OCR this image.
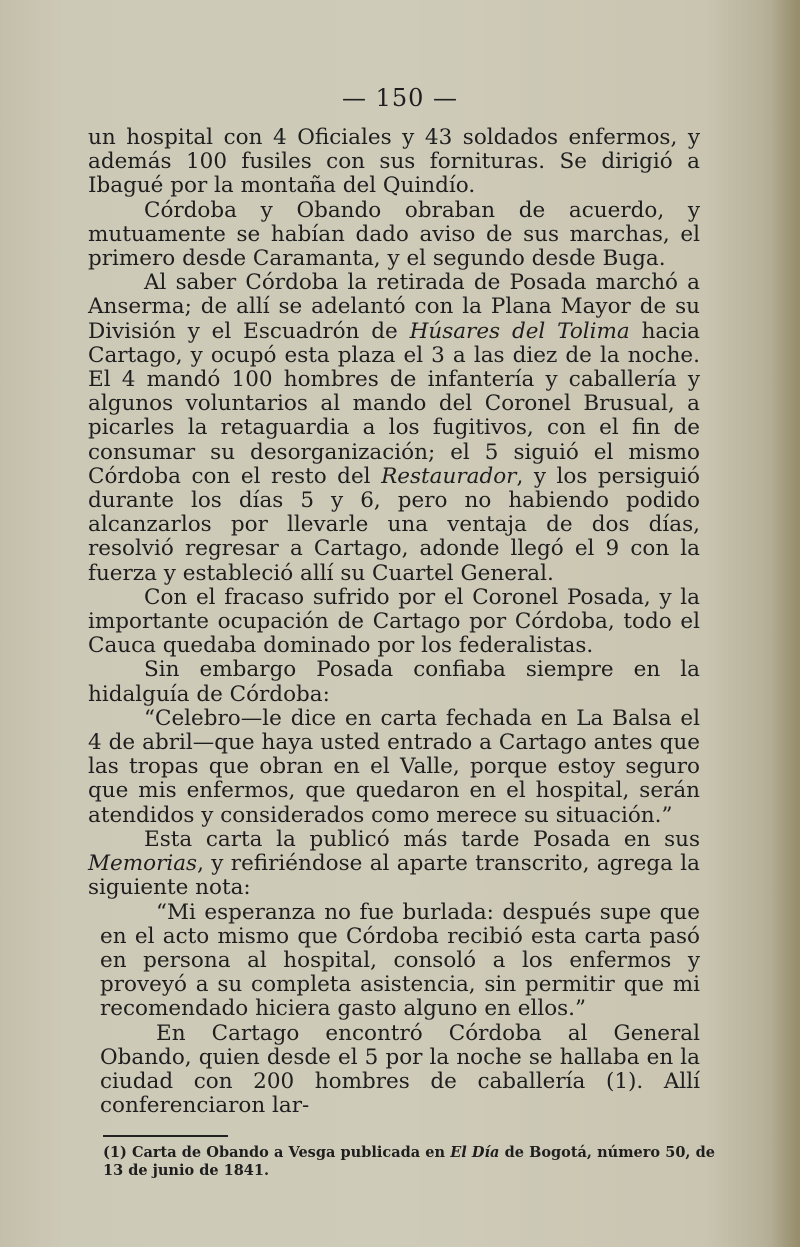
— 150 —

un hospital con 4 Oficiales y 43 soldados enfermos, y además 100 fusiles con sus fornituras. Se dirigió a Ibagué por la montaña del Quindío.

Córdoba y Obando obraban de acuerdo, y mutuamente se habían dado aviso de sus marchas, el primero desde Caramanta, y el segundo desde Buga.

Al saber Córdoba la retirada de Posada marchó a Anserma; de allí se adelantó con la Plana Mayor de su División y el Escuadrón de Húsares del Tolima hacia Cartago, y ocupó esta plaza el 3 a las diez de la noche. El 4 mandó 100 hombres de infantería y caballería y algunos voluntarios al mando del Coronel Brusual, a picarles la retaguardia a los fugitivos, con el fin de consumar su desorganización; el 5 siguió el mismo Córdoba con el resto del Restaurador, y los persiguió durante los días 5 y 6, pero no habiendo podido alcanzarlos por llevarle una ventaja de dos días, resolvió regresar a Cartago, adonde llegó el 9 con la fuerza y estableció allí su Cuartel General.

Con el fracaso sufrido por el Coronel Posada, y la importante ocupación de Cartago por Córdoba, todo el Cauca quedaba dominado por los federalistas.

Sin embargo Posada confiaba siempre en la hidalguía de Córdoba:

“Celebro—le dice en carta fechada en La Balsa el 4 de abril—que haya usted entrado a Cartago antes que las tropas que obran en el Valle, porque estoy seguro que mis enfermos, que quedaron en el hospital, serán atendidos y considerados como merece su situación.”

Esta carta la publicó más tarde Posada en sus Memorias, y refiriéndose al aparte transcrito, agrega la siguiente nota:

“Mi esperanza no fue burlada: después supe que en el acto mismo que Córdoba recibió esta carta pasó en persona al hospital, consoló a los enfermos y proveyó a su completa asistencia, sin permitir que mi recomendado hiciera gasto alguno en ellos.”

En Cartago encontró Córdoba al General Obando, quien desde el 5 por la noche se hallaba en la ciudad con 200 hombres de caballería (1). Allí conferenciaron lar-

(1) Carta de Obando a Vesga publicada en El Día de Bogotá, número 50, de 13 de junio de 1841.
